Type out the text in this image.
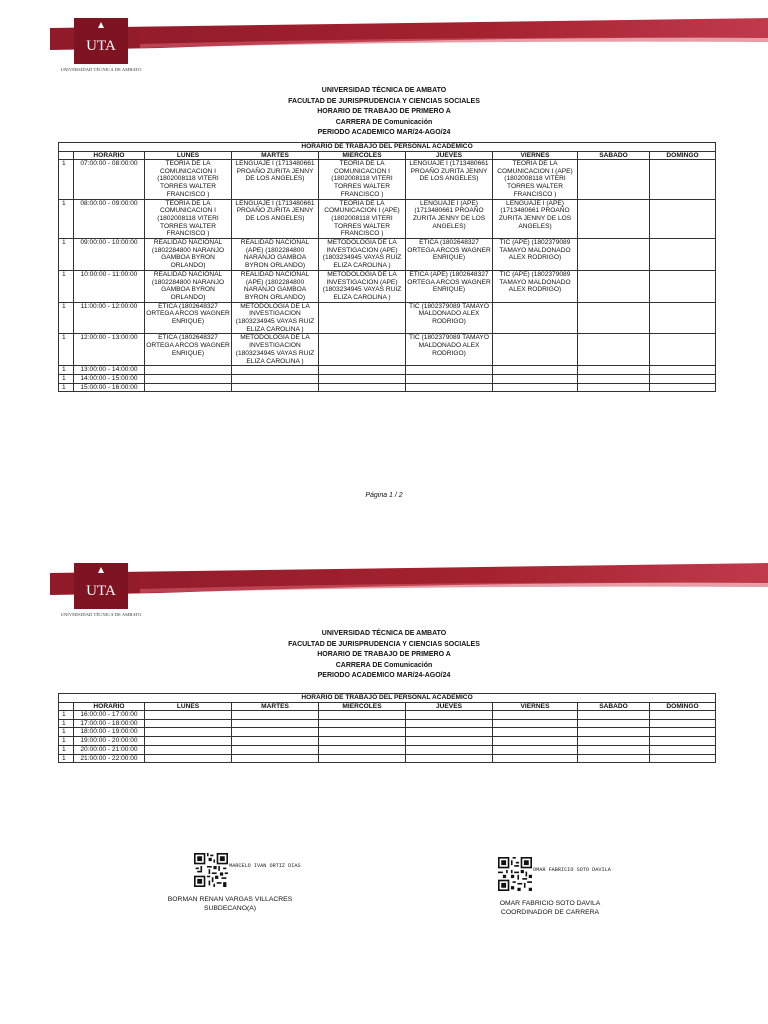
UTA
UNIVERSIDAD TÉCNICA DE AMBATO
UNIVERSIDAD TÉCNICA DE AMBATO
FACULTAD DE JURISPRUDENCIA Y CIENCIAS SOCIALES
HORARIO DE TRABAJO DE PRIMERO A
CARRERA DE Comunicación
PERIODO ACADEMICO MAR/24-AGO/24
HORARIO DE TRABAJO DEL PERSONAL ACADEMICO								
	HORARIO	LUNES	MARTES	MIERCOLES	JUEVES	VIERNES	SABADO	DOMINGO
1	07:00:00 - 08:00:00	TEORIA DE LA COMUNICACION I (1802008118 VITERI TORRES WALTER FRANCISCO )	LENGUAJE I (1713480661 PROAÑO ZURITA JENNY DE LOS ANGELES)	TEORIA DE LA COMUNICACION I (1802008118 VITERI TORRES WALTER FRANCISCO )	LENGUAJE I (1713480661 PROAÑO ZURITA JENNY DE LOS ANGELES)	TEORIA DE LA COMUNICACION I (APE) (1802008118 VITERI TORRES WALTER FRANCISCO )		
1	08:00:00 - 09:00:00	TEORIA DE LA COMUNICACION I (1802008118 VITERI TORRES WALTER FRANCISCO )	LENGUAJE I (1713480661 PROAÑO ZURITA JENNY DE LOS ANGELES)	TEORIA DE LA COMUNICACION I (APE) (1802008118 VITERI TORRES WALTER FRANCISCO )	LENGUAJE I (APE) (1713480661 PROAÑO ZURITA JENNY DE LOS ANGELES)	LENGUAJE I (APE) (1713480661 PROAÑO ZURITA JENNY DE LOS ANGELES)		
1	09:00:00 - 10:00:00	REALIDAD NACIONAL (1802284800 NARANJO GAMBOA BYRON ORLANDO)	REALIDAD NACIONAL (APE) (1802284800 NARANJO GAMBOA BYRON ORLANDO)	METODOLOGIA DE LA INVESTIGACION (APE) (1803234945 VAYAS RUIZ ELIZA CAROLINA )	ETICA (1802648327 ORTEGA ARCOS WAGNER ENRIQUE)	TIC (APE) (1802379089 TAMAYO MALDONADO ALEX RODRIGO)		
1	10:00:00 - 11:00:00	REALIDAD NACIONAL (1802284800 NARANJO GAMBOA BYRON ORLANDO)	REALIDAD NACIONAL (APE) (1802284800 NARANJO GAMBOA BYRON ORLANDO)	METODOLOGIA DE LA INVESTIGACION (APE) (1803234945 VAYAS RUIZ ELIZA CAROLINA )	ETICA (APE) (1802648327 ORTEGA ARCOS WAGNER ENRIQUE)	TIC (APE) (1802379089 TAMAYO MALDONADO ALEX RODRIGO)		
1	11:00:00 - 12:00:00	ETICA (1802648327 ORTEGA ARCOS WAGNER ENRIQUE)	METODOLOGIA DE LA INVESTIGACION (1803234945 VAYAS RUIZ ELIZA CAROLINA )		TIC (1802379089 TAMAYO MALDONADO ALEX RODRIGO)			
1	12:00:00 - 13:00:00	ETICA (1802648327 ORTEGA ARCOS WAGNER ENRIQUE)	METODOLOGIA DE LA INVESTIGACION (1803234945 VAYAS RUIZ ELIZA CAROLINA )		TIC (1802379089 TAMAYO MALDONADO ALEX RODRIGO)			
1	13:00:00 - 14:00:00							
1	14:00:00 - 15:00:00							
1	15:00:00 - 16:00:00							
Página 1 / 2
UTA
UNIVERSIDAD TÉCNICA DE AMBATO
UNIVERSIDAD TÉCNICA DE AMBATO
FACULTAD DE JURISPRUDENCIA Y CIENCIAS SOCIALES
HORARIO DE TRABAJO DE PRIMERO A
CARRERA DE Comunicación
PERIODO ACADEMICO MAR/24-AGO/24
HORARIO DE TRABAJO DEL PERSONAL ACADEMICO								
	HORARIO	LUNES	MARTES	MIERCOLES	JUEVES	VIERNES	SABADO	DOMINGO
1	16:00:00 - 17:00:00							
1	17:00:00 - 18:00:00							
1	18:00:00 - 19:00:00							
1	19:00:00 - 20:00:00							
1	20:00:00 - 21:00:00							
1	21:00:00 - 22:00:00							
MARCELO IVAN ORTIZ DIAS
BORMAN RENAN VARGAS VILLACRES
SUBDECANO(A)
OMAR FABRICIO SOTO DAVILA
OMAR FABRICIO SOTO DAVILA
COORDINADOR DE CARRERA
